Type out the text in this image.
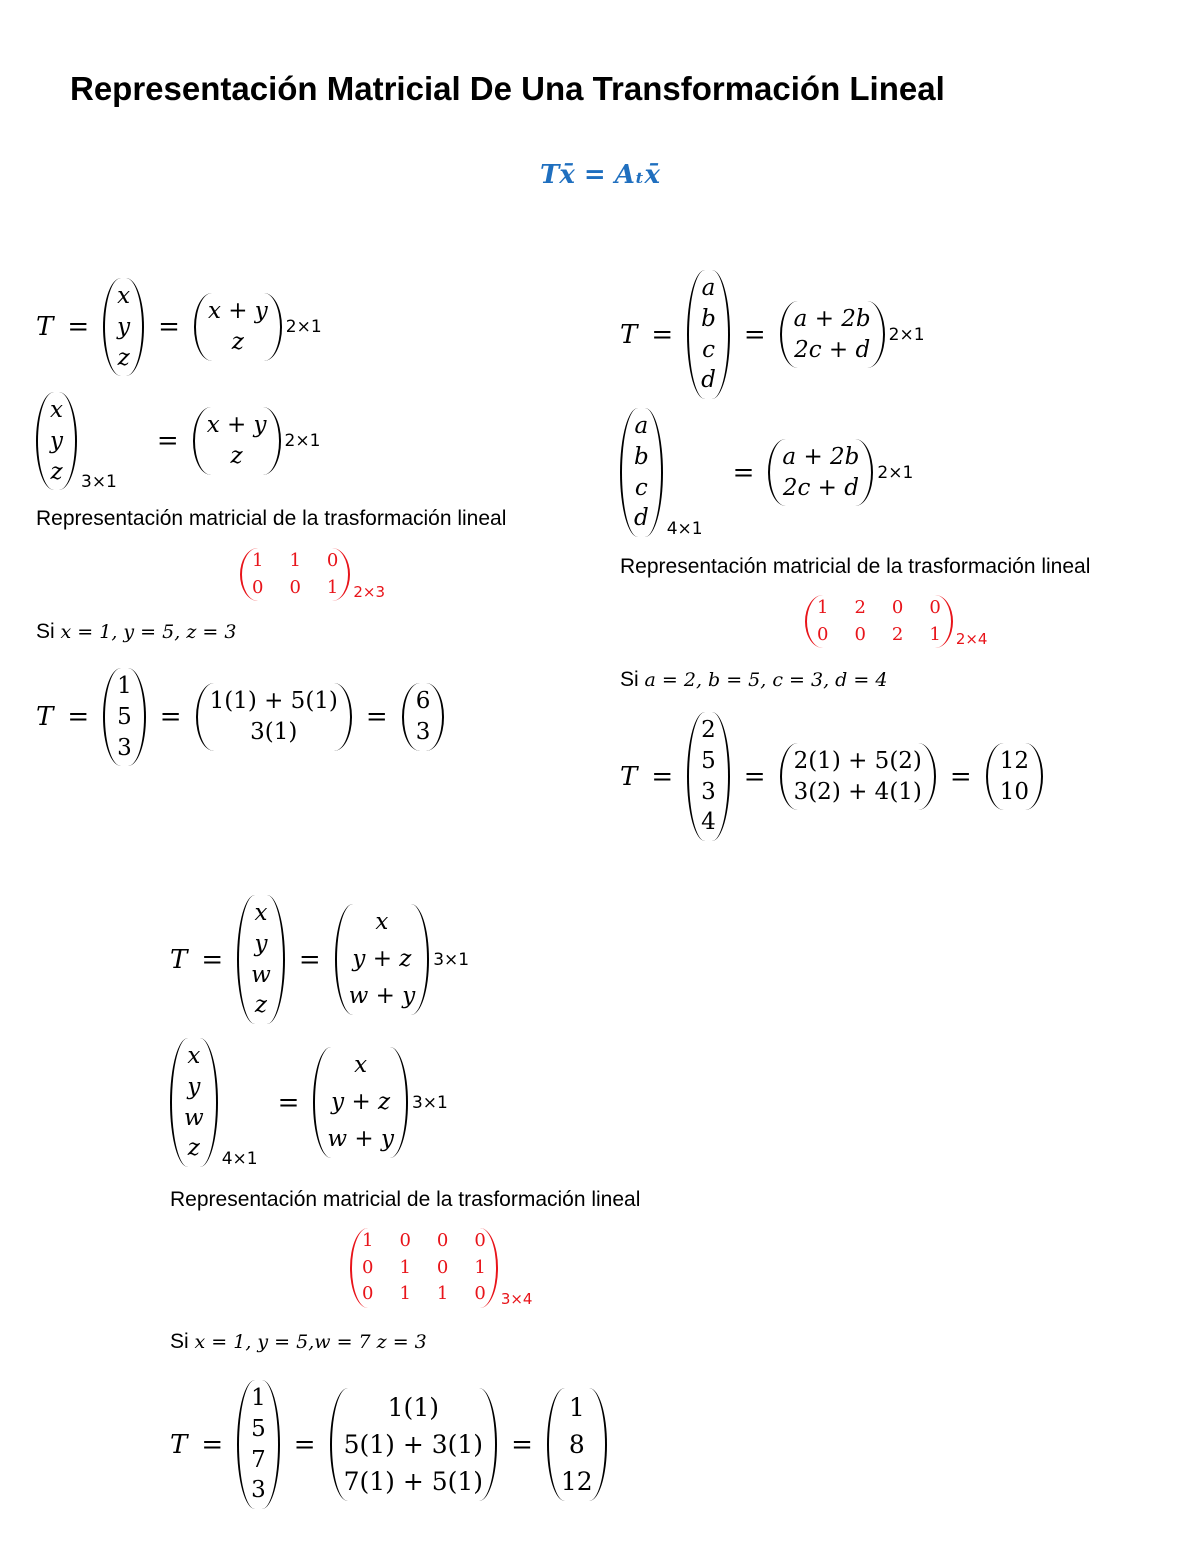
Representación Matricial De Una Transformación Lineal
Tx̄ = Aₜx̄
T =
x
y
z
=
x + y
z
2×1
x
y
z 3×1
=
x + y
z
2×1
Representación matricial de la trasformación lineal
1 1 0
0 0 1 2×3
Si x = 1, y = 5, z = 3
T =
1
5
3
=
1(1) + 5(1)
3(1)	=
6
3
T =
a
b
c
d
=
a + 2b
2c + d
2×1
a
b
c
d 4×1
=
a + 2b
2c + d
2×1
Representación matricial de la trasformación lineal
1 2 0 0
0 0 2 1 2×4
Si a = 2, b = 5, c = 3, d = 4
T =
2
5
3
4
=
2(1) + 5(2)
3(2) + 4(1) =
12
10
T =
x
y
w
z
=
x
y + z
w + y
3×1
x
y
w
z 4×1
=
x
y + z
w + y
3×1
Representación matricial de la trasformación lineal
1 0 0 0
0 1 0 1
0 1 1 0 3×4
Si x = 1, y = 5,w = 7 z = 3
T =
1
5
7
3
=
1(1)
5(1) + 3(1)
7(1) + 5(1)
=
1
8
12
